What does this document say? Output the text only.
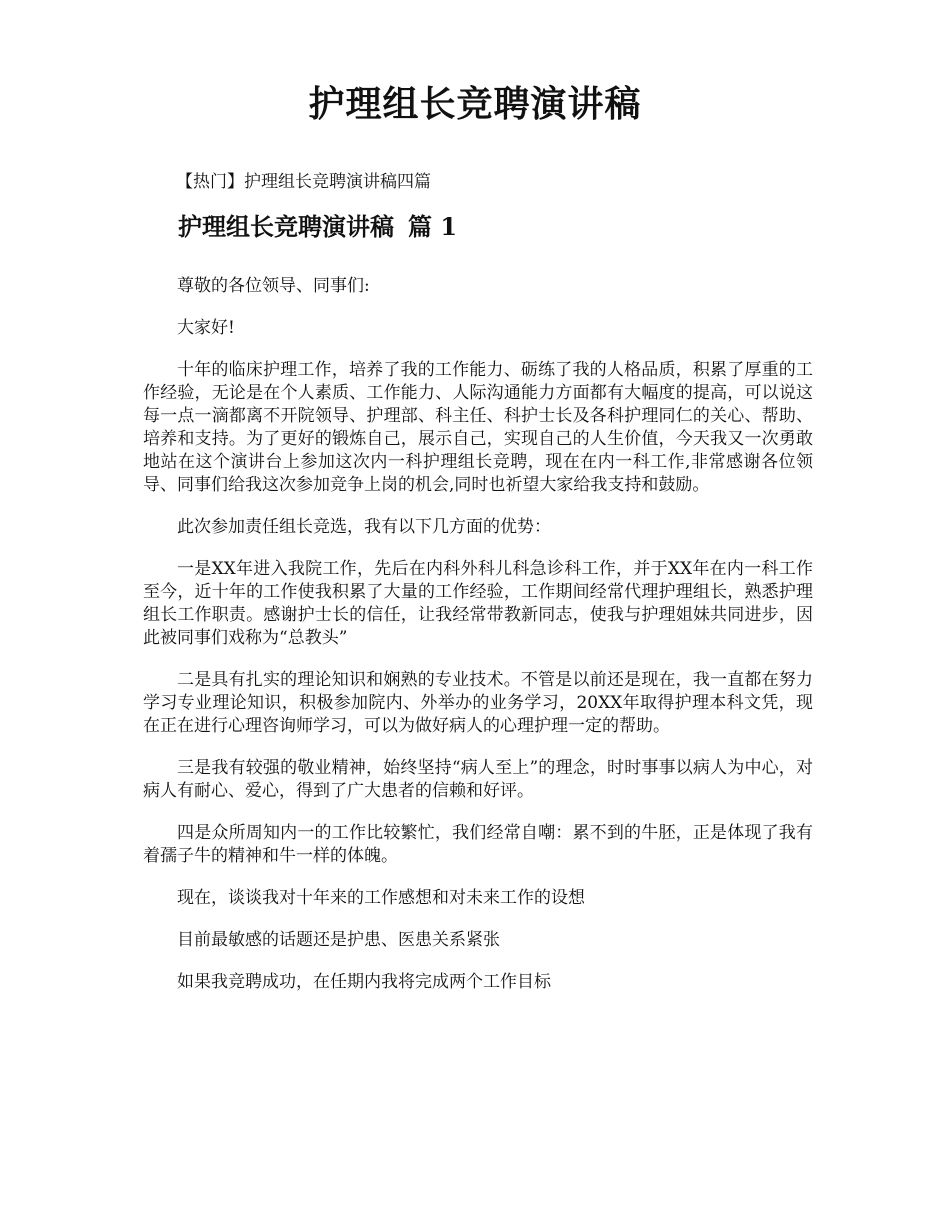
护理组长竞聘演讲稿

【热门】护理组长竞聘演讲稿四篇

护理组长竞聘演讲稿 篇 1

尊敬的各位领导、同事们:

大家好!

十年的临床护理工作，培养了我的工作能力、砺练了我的人格品质，积累了厚重的工作经验，无论是在个人素质、工作能力、人际沟通能力方面都有大幅度的提高，可以说这每一点一滴都离不开院领导、护理部、科主任、科护士长及各科护理同仁的关心、帮助、培养和支持。为了更好的锻炼自己，展示自己，实现自己的人生价值，今天我又一次勇敢地站在这个演讲台上参加这次内一科护理组长竞聘，现在在内一科工作,非常感谢各位领导、同事们给我这次参加竞争上岗的机会,同时也祈望大家给我支持和鼓励。

此次参加责任组长竞选，我有以下几方面的优势：

一是XX年进入我院工作，先后在内科外科儿科急诊科工作，并于XX年在内一科工作至今，近十年的工作使我积累了大量的工作经验，工作期间经常代理护理组长，熟悉护理组长工作职责。感谢护士长的信任，让我经常带教新同志，使我与护理姐妹共同进步，因此被同事们戏称为“总教头”

二是具有扎实的理论知识和娴熟的专业技术。不管是以前还是现在，我一直都在努力学习专业理论知识，积极参加院内、外举办的业务学习，20XX年取得护理本科文凭，现在正在进行心理咨询师学习，可以为做好病人的心理护理一定的帮助。

三是我有较强的敬业精神，始终坚持“病人至上”的理念，时时事事以病人为中心，对病人有耐心、爱心，得到了广大患者的信赖和好评。

四是众所周知内一的工作比较繁忙，我们经常自嘲：累不到的牛胚，正是体现了我有着孺子牛的精神和牛一样的体魄。

现在，谈谈我对十年来的工作感想和对未来工作的设想

目前最敏感的话题还是护患、医患关系紧张

如果我竞聘成功，在任期内我将完成两个工作目标
